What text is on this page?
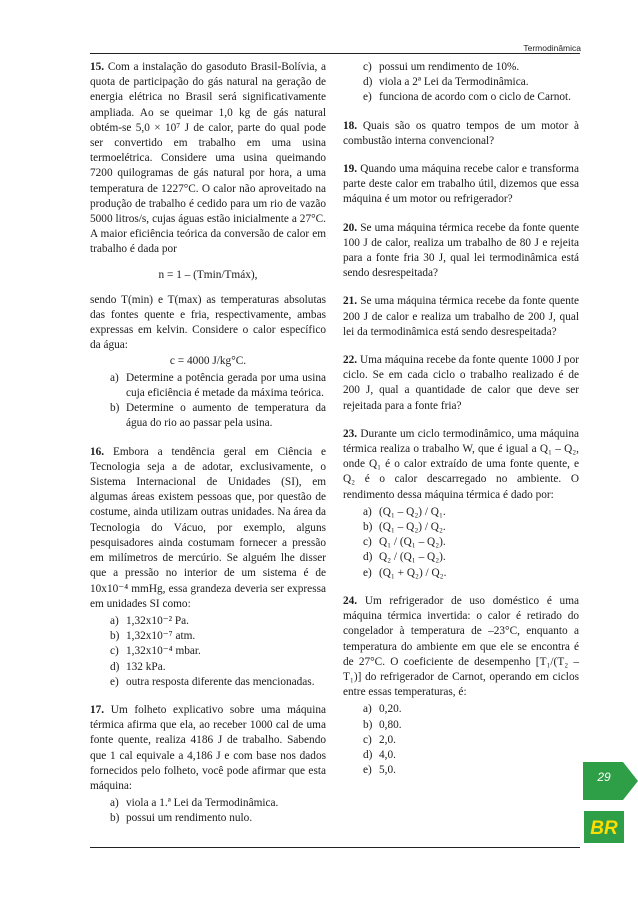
Termodinâmica

15. Com a instalação do gasoduto Brasil-Bolívia, a quota de participação do gás natural na geração de energia elétrica no Brasil será significativamente ampliada. Ao se queimar 1,0 kg de gás natural obtém-se 5,0 × 10⁷ J de calor, parte do qual pode ser convertido em trabalho em uma usina termoelétrica. Considere uma usina queimando 7200 quilogramas de gás natural por hora, a uma temperatura de 1227°C. O calor não aproveitado na produção de trabalho é cedido para um rio de vazão 5000 litros/s, cujas águas estão inicialmente a 27°C. A maior eficiência teórica da conversão de calor em trabalho é dada por

n = 1 – (Tmin/Tmáx),

sendo T(min) e T(max) as temperaturas absolutas das fontes quente e fria, respectivamente, ambas expressas em kelvin. Considere o calor específico da água:

c = 4000 J/kg°C.
a) Determine a potência gerada por uma usina cuja eficiência é metade da máxima teórica.
b) Determine o aumento de temperatura da água do rio ao passar pela usina.

16. Embora a tendência geral em Ciência e Tecnologia seja a de adotar, exclusivamente, o Sistema Internacional de Unidades (SI), em algumas áreas existem pessoas que, por questão de costume, ainda utilizam outras unidades. Na área da Tecnologia do Vácuo, por exemplo, alguns pesquisadores ainda costumam fornecer a pressão em milímetros de mercúrio. Se alguém lhe disser que a pressão no interior de um sistema é de 10x10⁻⁴ mmHg, essa grandeza deveria ser expressa em unidades SI como:

a) 1,32x10⁻² Pa.
b) 1,32x10⁻⁷ atm.
c) 1,32x10⁻⁴ mbar.
d) 132 kPa.
e) outra resposta diferente das mencionadas.

17. Um folheto explicativo sobre uma máquina térmica afirma que ela, ao receber 1000 cal de uma fonte quente, realiza 4186 J de trabalho. Sabendo que 1 cal equivale a 4,186 J e com base nos dados fornecidos pelo folheto, você pode afirmar que esta máquina:

a) viola a 1.ª Lei da Termodinâmica.
b) possui um rendimento nulo.
c) possui um rendimento de 10%.
d) viola a 2ª Lei da Termodinâmica.
e) funciona de acordo com o ciclo de Carnot.

18. Quais são os quatro tempos de um motor à combustão interna convencional?

19. Quando uma máquina recebe calor e transforma parte deste calor em trabalho útil, dizemos que essa máquina é um motor ou refrigerador?

20. Se uma máquina térmica recebe da fonte quente 100 J de calor, realiza um trabalho de 80 J e rejeita para a fonte fria 30 J, qual lei termodinâmica está sendo desrespeitada?

21. Se uma máquina térmica recebe da fonte quente 200 J de calor e realiza um trabalho de 200 J, qual lei da termodinâmica está sendo desrespeitada?

22. Uma máquina recebe da fonte quente 1000 J por ciclo. Se em cada ciclo o trabalho realizado é de 200 J, qual a quantidade de calor que deve ser rejeitada para a fonte fria?

23. Durante um ciclo termodinâmico, uma máquina térmica realiza o trabalho W, que é igual a Q₁ – Q₂, onde Q₁ é o calor extraído de uma fonte quente, e Q₂ é o calor descarregado no ambiente. O rendimento dessa máquina térmica é dado por:

a) (Q₁ – Q₂) / Q₁.
b) (Q₁ – Q₂) / Q₂.
c) Q₁ / (Q₁ – Q₂).
d) Q₂ / (Q₁ – Q₂).
e) (Q₁ + Q₂) / Q₂.

24. Um refrigerador de uso doméstico é uma máquina térmica invertida: o calor é retirado do congelador à temperatura de –23°C, enquanto a temperatura do ambiente em que ele se encontra é de 27°C. O coeficiente de desempenho [T₁/(T₂ – T₁)] do refrigerador de Carnot, operando em ciclos entre essas temperaturas, é:

a) 0,20.
b) 0,80.
c) 2,0.
d) 4,0.
e) 5,0.	29
BR
